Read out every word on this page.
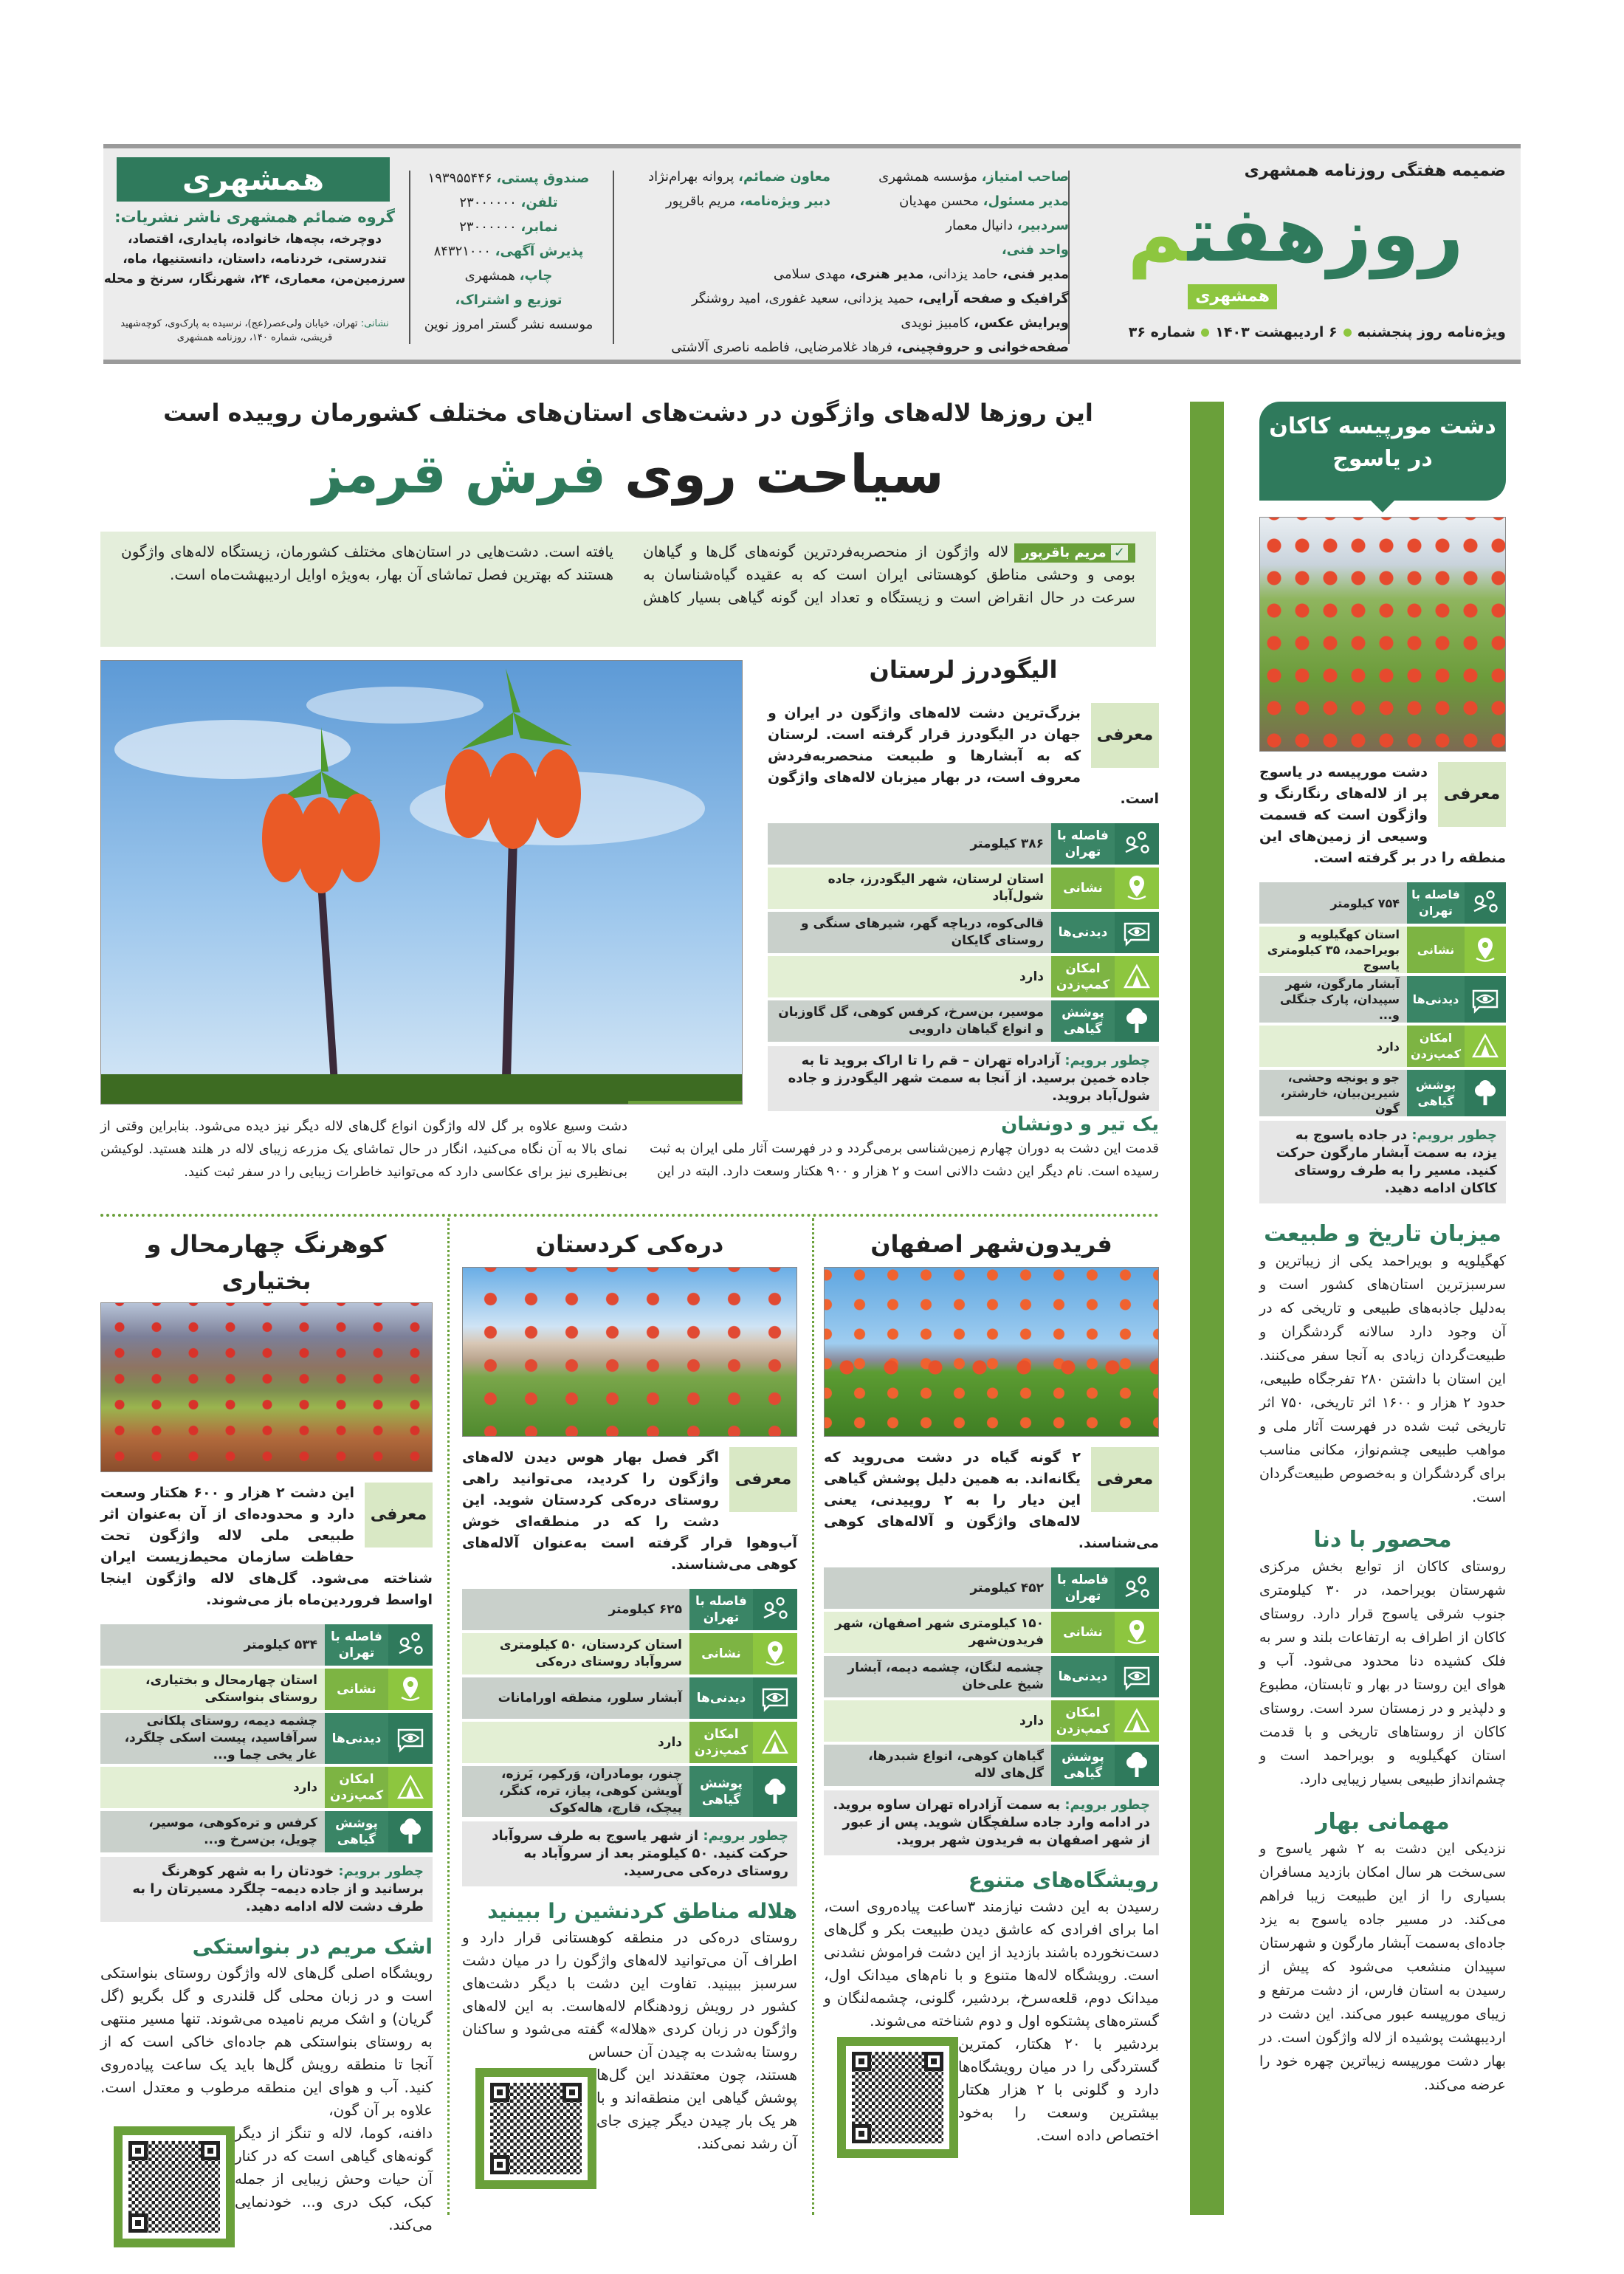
ضمیمه هفتگی روزنامه همشهری
روزهفتم
همشهری
ویژه‌نامه روز پنجشنبه۶ اردیبهشت ۱۴۰۳شماره ۳۶
صاحب امتیاز، مؤسسه همشهری
مدیر مسئول، محسن مهدیان
سردبیر، دانیال معمار
واحد فنی،
معاون ضمائم، پروانه بهرام‌نژاد
دبیر ویژه‌نامه، مریم باقرپور
مدیر فنی، حامد یزدانی، مدیر هنری، مهدی سلامی
گرافیک و صفحه آرایی، حمید یزدانی، سعید غفوری، امید روشنگر
ویرایش عکس، کامبیز نویدی
صفحه‌خوانی و حروفچینی، فرهاد غلامرضایی، فاطمه ناصری آلاشتی
صندوق پستی، ۱۹۳۹۵۵۴۴۶
تلفن، ۲۳۰۰۰۰۰۰
نمابر، ۲۳۰۰۰۰۰۰
پذیرش آگهی، ۸۴۳۲۱۰۰۰
چاپ، همشهری
توزیع و اشتراک،
موسسه نشر گستر امروز نوین
همشهری
گروه ضمائم همشهری ناشر نشریات:
دوچرخه، بچه‌ها، خانواده، پایداری، اقتصاد، تندرستی، خردنامه، داستان، دانستنیها، ماه، سرزمین‌من، معماری، ۲۴، شهرنگار، سرنخ و محله
نشانی: تهران، خیابان ولی‌عصر(عج)، نرسیده به پارک‌وی، کوچه‌شهید قریشی، شماره ۱۴۰، روزنامه همشهری
این روزها لاله‌های واژگون در دشت‌های استان‌های مختلف کشورمان روییده است
سیاحت روی فرش قرمز
✓ مریم باقرپورلاله واژگون از منحصربه‌فردترین گونه‌های گل‌ها و گیاهان بومی و وحشی مناطق کوهستانی ایران است که به عقیده گیاه‌شناسان به سرعت در حال انقراض است و زیستگاه و تعداد این گونه گیاهی بسیار کاهش یافته است. دشت‌هایی در استان‌های مختلف کشورمان، زیستگاه لاله‌های واژگون هستند که بهترین فصل تماشای آن بهار، به‌ویژه اوایل اردیبهشت‌ماه است.
الیگودرز لرستان
معرفی
بزرگ‌ترین دشت لاله‌های واژگون در ایران و جهان در الیگودرز قرار گرفته است. لرستان که به آبشارها و طبیعت منحصربه‌فردش معروف است، در بهار میزبان لاله‌های واژگون است.
فاصله با تهران
۳۸۶ کیلومتر
نشانی
استان لرستان، شهر الیگودرز، جاده شول‌آباد
دیدنی‌ها
قالی‌کوه، دریاچه گهر، شیرهای سنگی و روستای گایکان
امکان کمپ‌زدن
دارد
پوشش گیاهی
موسیر، بن‌سرخ، کرفس کوهی، گل گاوزبان و انواع گیاهان دارویی
چطور برویم: آزادراه تهران – قم را تا اراک بروید تا به جاده خمین برسید. از آنجا به سمت شهر الیگودرز و جاده شول‌آباد بروید.
یک تیر و دونشان
قدمت این دشت به دوران چهارم زمین‌شناسی برمی‌گردد و در فهرست آثار ملی ایران به ثبت رسیده است. نام دیگر این دشت دالانی است و ۲ هزار و ۹۰۰ هکتار وسعت دارد. البته در این
دشت وسیع علاوه بر گل لاله واژگون انواع گل‌های لاله دیگر نیز دیده می‌شود. بنابراین وقتی از نمای بالا به آن نگاه می‌کنید، انگار در حال تماشای یک مزرعه زیبای لاله در هلند هستید. لوکیشن بی‌نظیری نیز برای عکاسی دارد که می‌توانید خاطرات زیبایی را در سفر ثبت کنید.
فریدون‌شهر اصفهان
معرفی
۲ گونه گیاه در دشت می‌روید که یگانه‌اند. به همین دلیل پوشش گیاهی این دیار را به ۲ روییدنی، یعنی لاله‌های واژگون و آلاله‌های کوهی می‌شناسند.
فاصله با تهران
۴۵۲ کیلومتر
نشانی
۱۵۰ کیلومتری شهر اصفهان، شهر فریدون‌شهر
دیدنی‌ها
چشمه لنگان، چشمه دیمه، آبشار شیخ علی‌خان
امکان کمپ‌زدن
دارد
پوشش گیاهی
گیاهان کوهی، انواع شبدرها، گل‌های لاله
چطور برویم: به سمت آزادراه تهران ساوه بروید. در ادامه وارد جاده سلفچگان شوید. پس از عبور از شهر اصفهان به فریدون شهر بروید.
رویشگاه‌های متنوع
رسیدن به این دشت نیازمند ۳ساعت پیاده‌روی است، اما برای افرادی که عاشق دیدن طبیعت بکر و گل‌های دست‌نخورده باشند بازدید از این دشت فراموش نشدنی است. رویشگاه لاله‌ها متنوع و با نام‌های میدانک اول، میدانک دوم، قلعه‌سرخ، بردشیر، گلونی، چشمه‌لنگان و گستره‌های پشتکوه اول و دوم شناخته می‌شوند.
بردشیر با ۲۰ هکتار، کمترین گستردگی را در میان رویشگاه‌ها دارد و گلونی با ۲ هزار هکتار بیشترین وسعت را به‌خود اختصاص داده است.
دره‌کی کردستان
معرفی
اگر فصل بهار هوس دیدن لاله‌های واژگون را کردید، می‌توانید راهی روستای دره‌کی کردستان شوید. این دشت را که در منطقه‌ای خوش آب‌وهوا قرار گرفته است به‌عنوان آلاله‌های کوهی می‌شناسند.
فاصله با تهران
۶۲۵ کیلومتر
نشانی
استان کردستان، ۵۰ کیلومتری سروآباد روستای دره‌کی
دیدنی‌ها
آبشار سلور، منطقه اورامانات
امکان کمپ‌زدن
دارد
پوشش گیاهی
چنور، بومادران، وَرکمِر، بَرزه، آویشن کوهی، پیاز، تره، کنگر، پیچک، قارچ، هاله‌کوک
چطور برویم: از شهر یاسوج به طرف سروآباد حرکت کنید. ۵۰ کیلومتر بعد از سروآباد به روستای دره‌کی می‌رسید.
هلاله مناطق کردنشین را ببینید
روستای دره‌کی در منطقه کوهستانی قرار دارد و اطراف آن می‌توانید لاله‌های واژگون را در میان دشت سرسبز ببینید. تفاوت این دشت با دیگر دشت‌های کشور در رویش زودهنگام لاله‌هاست. به این لاله‌های واژگون در زبان کردی «هلاله» گفته می‌شود و ساکنان روستا به‌شدت به چیدن آن حساس
هستند، چون معتقدند این گل‌ها پوشش گیاهی این منطقه‌اند و با هر یک بار چیدن دیگر چیزی جای آن رشد نمی‌کند.
کوهرنگ چهارمحال و بختیاری
معرفی
این دشت ۲ هزار و ۶۰۰ هکتار وسعت دارد و محدوده‌ای از آن به‌عنوان اثر طبیعی ملی لاله واژگون تحت حفاظت سازمان محیط‌زیست ایران شناخته می‌شود. گل‌های لاله واژگون اینجا اواسط فروردین‌ماه باز می‌شوند.
فاصله با تهران
۵۳۴ کیلومتر
نشانی
استان چهارمحال و بختیاری، روستای بنواستکی
دیدنی‌ها
چشمه دیمه، روستای پلکانی سرآقاسید، پیست اسکی چلگرد، غار یخی چما و...
امکان کمپ‌زدن
دارد
پوشش گیاهی
کرفس و تره‌کوهی، موسیر، چویل، بن‌سرخ و...
چطور برویم: خودتان را به شهر کوهرنگ برسانید و از جاده دیمه– چلگرد مسیرتان را به طرف دشت لاله ادامه دهید.
اشک مریم در بنواستکی
رویشگاه اصلی گل‌های لاله واژگون روستای بنواستکی است و در زبان محلی گل قلندری و گل بگریو (گل گریان) و اشک مریم نامیده می‌شوند. تنها مسیر منتهی به روستای بنواستکی هم جاده‌ای خاکی است که از آنجا تا منطقه رویش گل‌ها باید یک ساعت پیاده‌روی کنید. آب و هوای این منطقه مرطوب و معتدل است. علاوه بر آن گون،
دافنه، کوما، لاله و تنگز از دیگر گونه‌های گیاهی است که در کنار آن حیات وحش زیبایی از جمله کبک، کبک دری و... خودنمایی می‌کند.
دشت مورپیسه کاکان
در یاسوج
معرفی
دشت مورپیسه در یاسوج پر از لاله‌های رنگارنگ و واژگون است که قسمت وسیعی از زمین‌های این منطقه را در بر گرفته است.
فاصله با تهران
۷۵۴ کیلومتر
نشانی
استان کهگیلویه و بویراحمد، ۳۵ کیلومتری یاسوج
دیدنی‌ها
آبشار مارگون، شهر سپیدان، پارک جنگلی و...
امکان کمپ‌زدن
دارد
پوشش گیاهی
جو و یونجه وحشی، شیرین‌بیان، خارشتر، گون
چطور برویم: در جاده یاسوج به یزد، به سمت آبشار مارگون حرکت کنید. مسیر را به طرف روستای کاکان ادامه دهید.
میزبان تاریخ و طبیعت
کهگیلویه و بویراحمد یکی از زیباترین و سرسبزترین استان‌های کشور است و به‌دلیل جاذبه‌های طبیعی و تاریخی که در آن وجود دارد سالانه گردشگران و طبیعت‌گردان زیادی به آنجا سفر می‌کنند. این استان با داشتن ۲۸۰ تفرجگاه طبیعی، حدود ۲ هزار و ۱۶۰۰ اثر تاریخی، ۷۵۰ اثر تاریخی ثبت شده در فهرست آثار ملی و مواهب طبیعی چشم‌نواز، مکانی مناسب برای گردشگران و به‌خصوص طبیعت‌گردان است.
محصور با دنا
روستای کاکان از توابع بخش مرکزی شهرستان بویراحمد، در ۳۰ کیلومتری جنوب شرقی یاسوج قرار دارد. روستای کاکان از اطراف به ارتفاعات بلند و سر به فلک کشیده دنا محدود می‌شود. آب و هوای این روستا در بهار و تابستان، مطبوع و دلپذیر و در زمستان سرد است. روستای کاکان از روستاهای تاریخی و با قدمت استان کهگیلویه و بویراحمد است و چشم‌انداز طبیعی بسیار زیبایی دارد.
مهمانی بهار
نزدیکی این دشت به ۲ شهر یاسوج و سی‌سخت هر سال امکان بازدید مسافران بسیاری را از این طبیعت زیبا فراهم می‌کند. در مسیر جاده یاسوج به یزد جاده‌ای به‌سمت آبشار مارگون و شهرستان سپیدان منشعب می‌شود که پیش از رسیدن به استان فارس، از دشت مرتفع و زیبای مورپیسه عبور می‌کند. این دشت در اردیبهشت پوشیده از لاله واژگون است. در بهار دشت مورپیسه زیباترین چهره خود را عرضه می‌کند.
